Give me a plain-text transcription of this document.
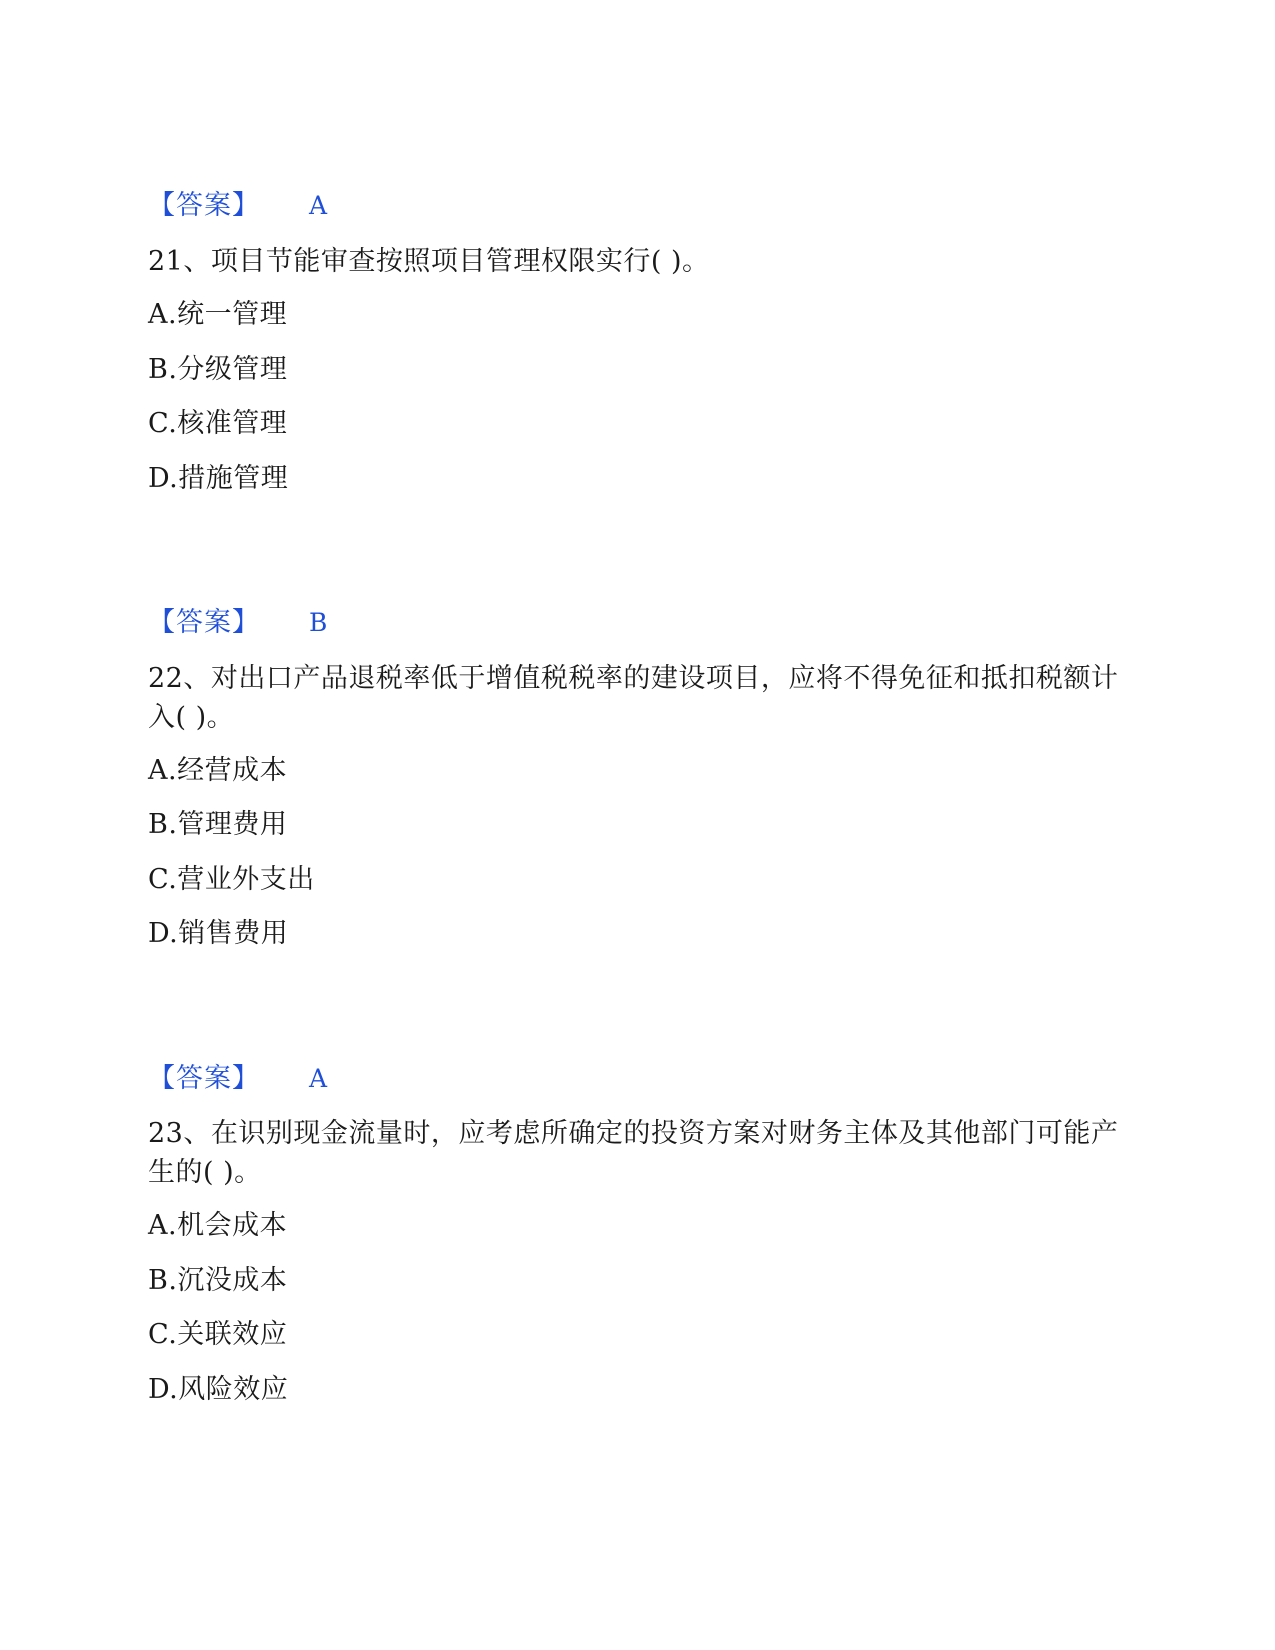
【答案】 A
21、项目节能审查按照项目管理权限实行( )。
A.统一管理
B.分级管理
C.核准管理
D.措施管理
【答案】 B
22、对出口产品退税率低于增值税税率的建设项目，应将不得免征和抵扣税额计入( )。
A.经营成本
B.管理费用
C.营业外支出
D.销售费用
【答案】 A
23、在识别现金流量时，应考虑所确定的投资方案对财务主体及其他部门可能产生的( )。
A.机会成本
B.沉没成本
C.关联效应
D.风险效应
